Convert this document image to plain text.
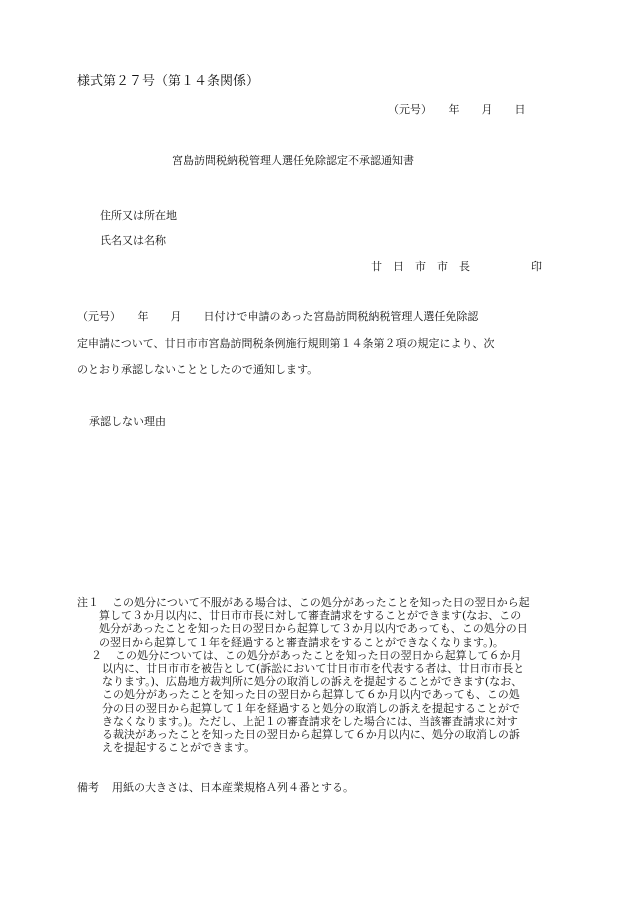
様式第２７号（第１４条関係）
（元号）　　年　　月　　日
宮島訪問税納税管理人選任免除認定不承認通知書
住所又は所在地
氏名又は名称
廿　日　市　市　長	印
（元号）　　年　　月　　日付けで申請のあった宮島訪問税納税管理人選任免除認
定申請について、廿日市市宮島訪問税条例施行規則第１４条第２項の規定により、次
のとおり承認しないこととしたので通知します。
承認しない理由
注１	この処分について不服がある場合は、この処分があったことを知った日の翌日から起
算して３か月以内に、廿日市市長に対して審査請求をすることができます(なお、この
処分があったことを知った日の翌日から起算して３か月以内であっても、この処分の日
の翌日から起算して１年を経過すると審査請求をすることができなくなります。)。
２	この処分については、この処分があったことを知った日の翌日から起算して６か月
以内に、廿日市市を被告として(訴訟において廿日市市を代表する者は、廿日市市長と
なります。)、広島地方裁判所に処分の取消しの訴えを提起することができます(なお、
この処分があったことを知った日の翌日から起算して６か月以内であっても、この処
分の日の翌日から起算して１年を経過すると処分の取消しの訴えを提起することがで
きなくなります。)。ただし、上記１の審査請求をした場合には、当該審査請求に対す
る裁決があったことを知った日の翌日から起算して６か月以内に、処分の取消しの訴
えを提起することができます。
備考 用紙の大きさは、日本産業規格Ａ列４番とする。
